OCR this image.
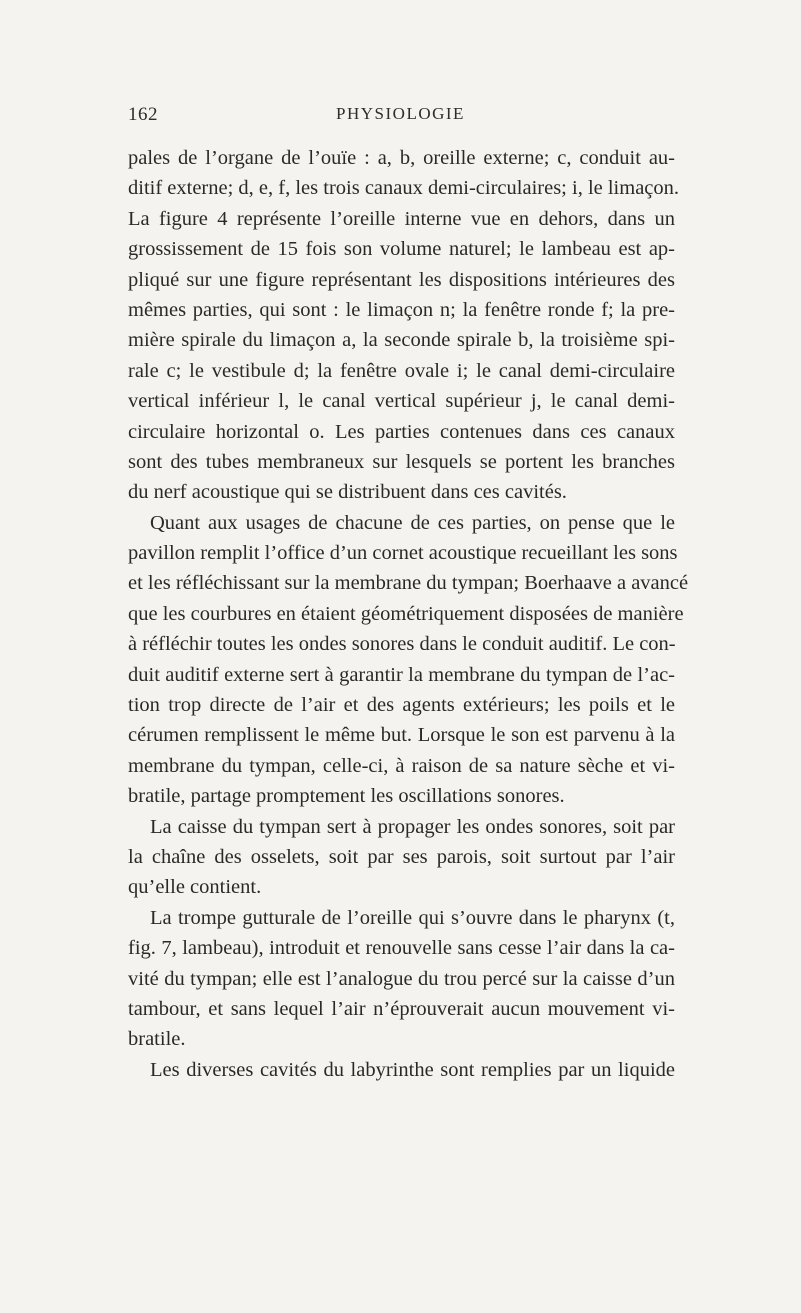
162	PHYSIOLOGIE
pales de l’organe de l’ouïe : a, b, oreille externe; c, conduit au-
ditif externe; d, e, f, les trois canaux demi-circulaires; i, le limaçon.
La figure 4 représente l’oreille interne vue en dehors, dans un
grossissement de 15 fois son volume naturel; le lambeau est ap-
pliqué sur une figure représentant les dispositions intérieures des
mêmes parties, qui sont : le limaçon n; la fenêtre ronde f; la pre-
mière spirale du limaçon a, la seconde spirale b, la troisième spi-
rale c; le vestibule d; la fenêtre ovale i; le canal demi-circulaire
vertical inférieur l, le canal vertical supérieur j, le canal demi-
circulaire horizontal o. Les parties contenues dans ces canaux
sont des tubes membraneux sur lesquels se portent les branches
du nerf acoustique qui se distribuent dans ces cavités.
Quant aux usages de chacune de ces parties, on pense que le
pavillon remplit l’office d’un cornet acoustique recueillant les sons
et les réfléchissant sur la membrane du tympan; Boerhaave a avancé
que les courbures en étaient géométriquement disposées de manière
à réfléchir toutes les ondes sonores dans le conduit auditif. Le con-
duit auditif externe sert à garantir la membrane du tympan de l’ac-
tion trop directe de l’air et des agents extérieurs; les poils et le
cérumen remplissent le même but. Lorsque le son est parvenu à la
membrane du tympan, celle-ci, à raison de sa nature sèche et vi-
bratile, partage promptement les oscillations sonores.
La caisse du tympan sert à propager les ondes sonores, soit par
la chaîne des osselets, soit par ses parois, soit surtout par l’air
qu’elle contient.
La trompe gutturale de l’oreille qui s’ouvre dans le pharynx (t,
fig. 7, lambeau), introduit et renouvelle sans cesse l’air dans la ca-
vité du tympan; elle est l’analogue du trou percé sur la caisse d’un
tambour, et sans lequel l’air n’éprouverait aucun mouvement vi-
bratile.
Les diverses cavités du labyrinthe sont remplies par un liquide
